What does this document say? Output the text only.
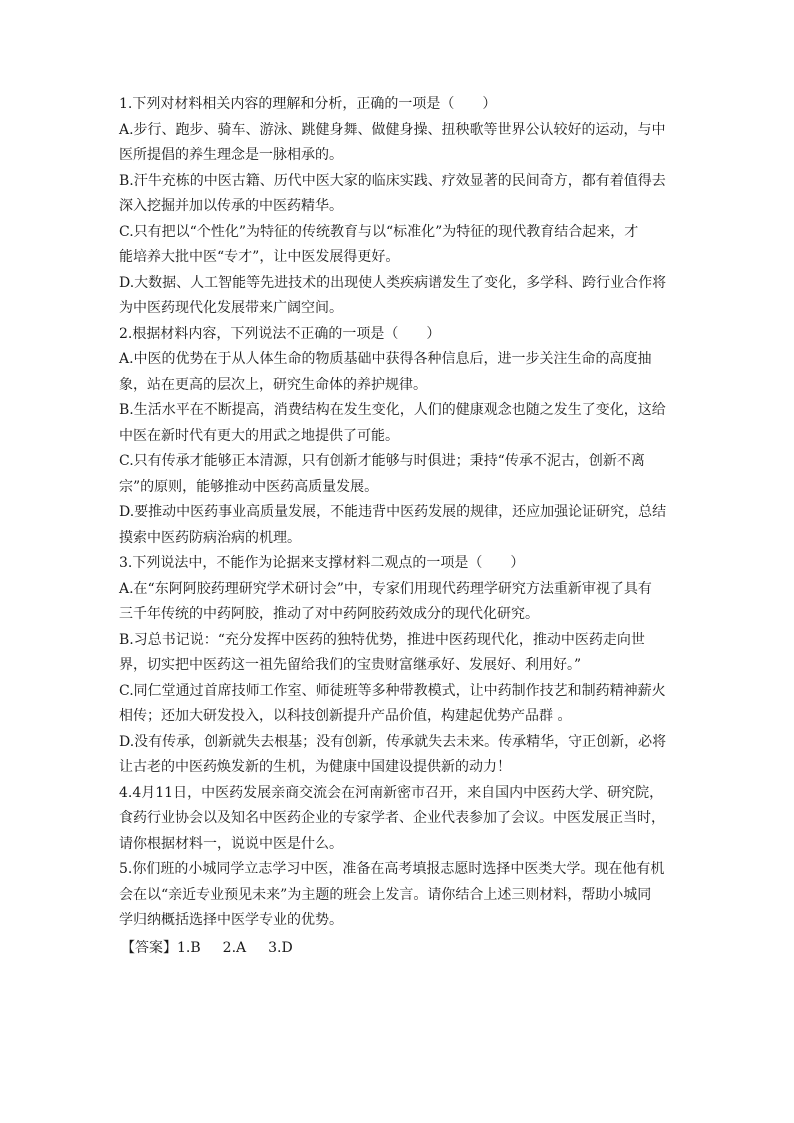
1.下列对材料相关内容的理解和分析，正确的一项是（　　）
A.步行、跑步、骑车、游泳、跳健身舞、做健身操、扭秧歌等世界公认较好的运动，与中
医所提倡的养生理念是一脉相承的。
B.汗牛充栋的中医古籍、历代中医大家的临床实践、疗效显著的民间奇方，都有着值得去
深入挖掘并加以传承的中医药精华。
C.只有把以“个性化”为特征的传统教育与以“标准化”为特征的现代教育结合起来，才
能培养大批中医“专才”，让中医发展得更好。
D.大数据、人工智能等先进技术的出现使人类疾病谱发生了变化，多学科、跨行业合作将
为中医药现代化发展带来广阔空间。
2.根据材料内容，下列说法不正确的一项是（　　）
A.中医的优势在于从人体生命的物质基础中获得各种信息后，进一步关注生命的高度抽
象，站在更高的层次上，研究生命体的养护规律。
B.生活水平在不断提高，消费结构在发生变化，人们的健康观念也随之发生了变化，这给
中医在新时代有更大的用武之地提供了可能。
C.只有传承才能够正本清源，只有创新才能够与时俱进；秉持“传承不泥古，创新不离
宗”的原则，能够推动中医药高质量发展。
D.要推动中医药事业高质量发展，不能违背中医药发展的规律，还应加强论证研究，总结
摸索中医药防病治病的机理。
3.下列说法中，不能作为论据来支撑材料二观点的一项是（　　）
A.在“东阿阿胶药理研究学术研讨会”中，专家们用现代药理学研究方法重新审视了具有
三千年传统的中药阿胶，推动了对中药阿胶药效成分的现代化研究。
B.习总书记说：“充分发挥中医药的独特优势，推进中医药现代化，推动中医药走向世
界，切实把中医药这一祖先留给我们的宝贵财富继承好、发展好、利用好。”
C.同仁堂通过首席技师工作室、师徒班等多种带教模式，让中药制作技艺和制药精神薪火
相传；还加大研发投入，以科技创新提升产品价值，构建起优势产品群 。
D.没有传承，创新就失去根基；没有创新，传承就失去未来。传承精华，守正创新，必将
让古老的中医药焕发新的生机，为健康中国建设提供新的动力！
4.4月11日，中医药发展亲商交流会在河南新密市召开，来自国内中医药大学、研究院，
食药行业协会以及知名中医药企业的专家学者、企业代表参加了会议。中医发展正当时，
请你根据材料一，说说中医是什么。
5.你们班的小城同学立志学习中医，准备在高考填报志愿时选择中医类大学。现在他有机
会在以“亲近专业预见未来”为主题的班会上发言。请你结合上述三则材料，帮助小城同
学归纳概括选择中医学专业的优势。
【答案】1.B 2.A 3.D
